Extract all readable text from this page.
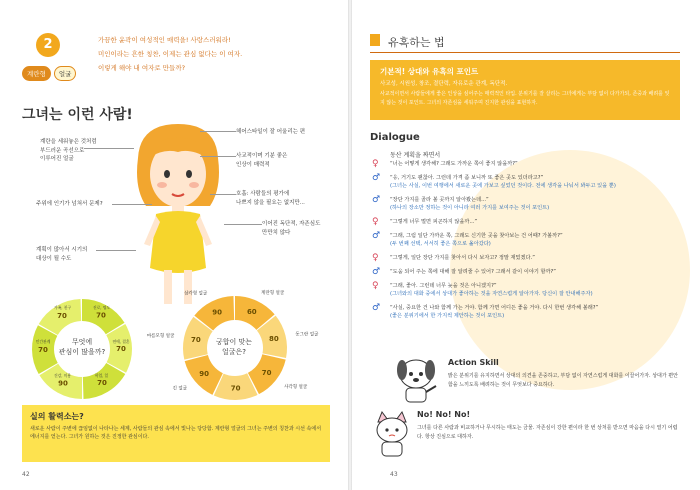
2
계란형	얼굴
가끔한 윤곽이 여성적인 매력을! 사랑스러워라!
미인이라는 흔한 칭찬, 이제는 관심 없다는 이 여자.
이렇게 해야 내 여자로 만들까?
그녀는 이런 사람!
계란을 세워놓은 것처럼
부드러운 곡선으로
이루어진 얼굴
헤어스타일이 잘 어울리는 편
사교적이며 기분 좋은
인상이 매력적
주위에 인기가 넘쳐서 문제?
호흡: 사람들의 평가에
나쁘지 않을 필요는 없지만...
이어진 독단적, 자존심도
만만치 않다
계획이 많아서 시기의
대상이 될 수도
70
70
70
90
70
70
진로, 명도
연애, 결혼
학업, 일
건강, 미용
인간관계
가족, 친구
무엇에
관심이 많을까?
60
계란형 얼굴
80
동그란 얼굴
70
사각형 얼굴
70
90
긴 얼굴
70
마름모형 얼굴
90
삼각형 얼굴
궁합이 맞는
얼굴은?
실의 활력소는?
새로운 사람이 주변에 끊임없이 나타나는 세계, 사람들의 관심 속에서 빛나는 당당함. 계란형 얼굴의 그녀는 주변의 칭찬과 시선 속에서 에너지를 얻는다. 그녀가 원하는 것은 진정한 관심이다.
42
유혹하는 법
기본적! 상대와 유혹의 포인트
사교성, 시원성, 창조, 결단력, 자유로운 관계, 독단적.
사교적이면서 사람들에게 좋은 인상을 심어주는 매력적인 타입. 분위기를 잘 살리는 그녀에게는 부담 없이 다가가되, 존중과 배려를 잊지 않는 것이 포인트. 그녀의 자존심을 세워주며 진지한 관심을 표현하자.
Dialogue
동산 계획을 짜면서
♀ “너는 어떻게 생각해? 그래도 가까운 쪽이 좋지 않을까?”
♂ “응, 거기도 괜찮아. 그런데 가격 좀 보니까 또 좋은 곳도 있더라고?”
(그녀는 사실, 이번 여행에서 새로운 곳에 가보고 싶었던 것이다. 전에 생각을 나눠서 봐두고 있을 뿐)
♂ “장단 가지를 골라 볼 곳까지 알아봤는데...”
(하나의 장소만 정하는 것이 아니라 여러 가지를 보여주는 것이 포인트)
♀ “그렇게 너무 멀면 피곤하지 않을까...”
♂ “그래, 그럼 일단 가까운 쪽, 그래도 신기한 곳을 찾아보는 건 어때? 가볼까?”
(두 번째 선택, 서서히 좋은 쪽으로 옮아갔다)
♀ “그렇게, 일단 장단 가지를 찾아서 다시 보자고? 정말 재밌겠다.”
♂ “도움 되어 주는 쪽에 대해 잘 알려줄 수 있어? 그래서 같이 이야기 할까?”
♀ “그래, 좋아. 그런데 너무 늦을 것은 아니겠지?”
(그녀와의 대화 중에서 상대가 좋아하는 것을 자연스럽게 알아가자. 당신이 잘 안내해주자)
♂ “사실, 중요한 건 나와 함께 가는 거야. 함께 가면 어디든 좋을 거야. 다시 한번 생각해 볼래?”
(좋은 분위기에서 한 가지씩 제안하는 것이 포인트)
Action Skill
밝은 분위기를 유지하면서 상대의 의견을 존중하고, 부담 없이 자연스럽게 대화를 이끌어가자. 상대가 편안함을 느끼도록 배려하는 것이 무엇보다 중요하다.
No! No! No!
그녀를 다른 사람과 비교하거나 무시하는 태도는 금물. 자존심이 강한 편이라 한 번 상처를 받으면 마음을 다시 열기 어렵다. 항상 진심으로 대하자.
43
